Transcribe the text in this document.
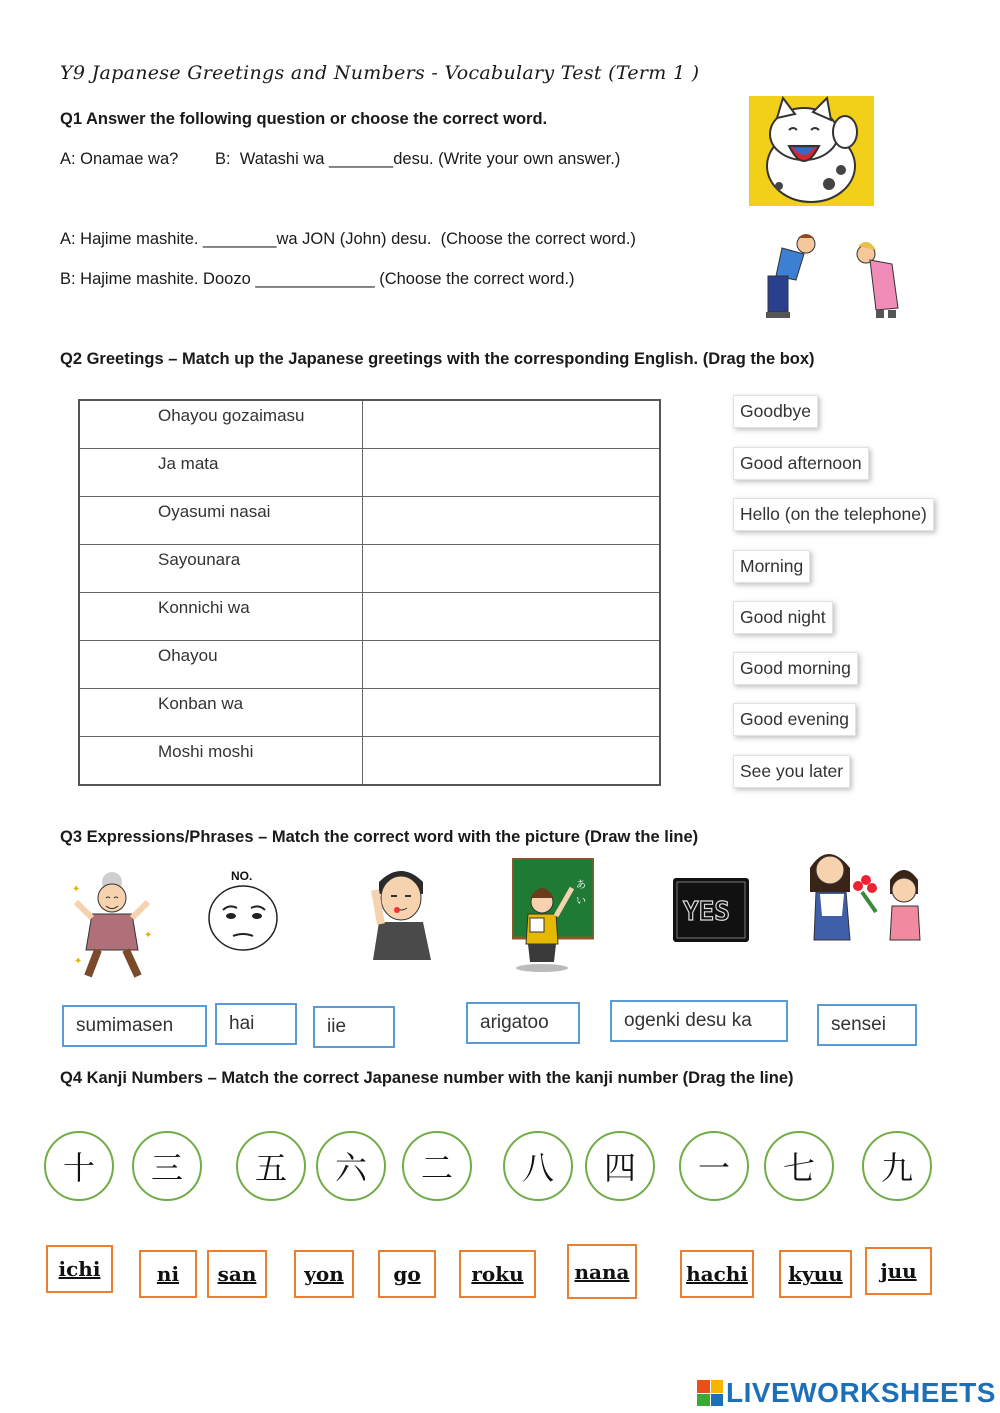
Y9 Japanese Greetings and Numbers - Vocabulary Test (Term 1 )
Q1 Answer the following question or choose the correct word.
A: Onamae wa?        B:  Watashi wa _______desu. (Write your own answer.)
A: Hajime mashite. ________wa JON (John) desu.  (Choose the correct word.)
B: Hajime mashite. Doozo _____________ (Choose the correct word.)
Q2 Greetings – Match up the Japanese greetings with the corresponding English. (Drag the box)
Ohayou gozaimasu	
Ja mata	
Oyasumi nasai	
Sayounara	
Konnichi wa	
Ohayou	
Konban wa	
Moshi moshi	
Goodbye
Good afternoon
Hello (on the telephone)
Morning
Good night
Good morning
Good evening
See you later
Q3 Expressions/Phrases – Match the correct word with the picture (Draw the line)
✦
✦
✦
NO.
あ
い	YES
sumimasen	hai	iie	arigatoo	ogenki desu ka	sensei
Q4 Kanji Numbers – Match the correct Japanese number with the kanji number (Drag the line)
十	三	五	六	二	八	四	一	七	九
ichi	ni	san	yon	go	roku	nana	hachi	kyuu	juu
LIVEWORKSHEETS
